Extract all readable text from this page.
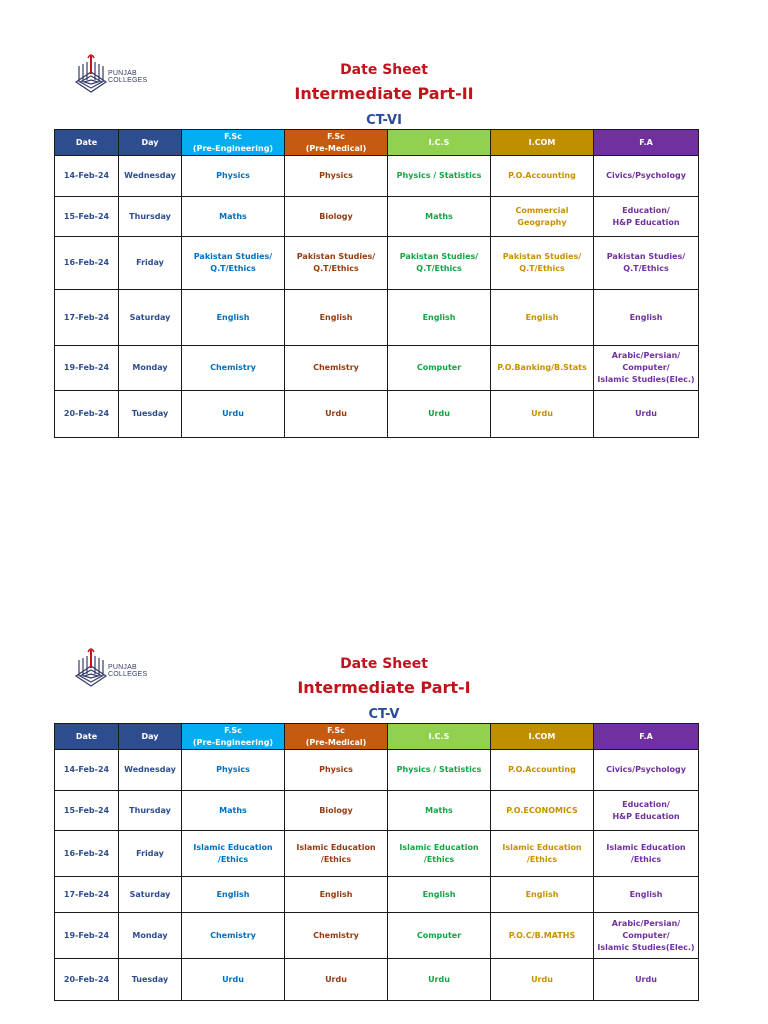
PUNJAB
COLLEGES
Date Sheet
Intermediate Part-II
CT-VI
Date	Day	F.Sc
(Pre-Engineering)	F.Sc
(Pre-Medical)	I.C.S	I.COM	F.A
14-Feb-24	Wednesday	Physics	Physics	Physics / Statistics	P.O.Accounting	Civics/Psychology
15-Feb-24	Thursday	Maths	Biology	Maths	Commercial Geography	Education/
H&P Education
16-Feb-24	Friday	Pakistan Studies/
Q.T/Ethics	Pakistan Studies/
Q.T/Ethics	Pakistan Studies/
Q.T/Ethics	Pakistan Studies/
Q.T/Ethics	Pakistan Studies/
Q.T/Ethics
17-Feb-24	Saturday	English	English	English	English	English
19-Feb-24	Monday	Chemistry	Chemistry	Computer	P.O.Banking/B.Stats	Arabic/Persian/
Computer/
Islamic Studies(Elec.)
20-Feb-24	Tuesday	Urdu	Urdu	Urdu	Urdu	Urdu
PUNJAB
COLLEGES
Date Sheet
Intermediate Part-I
CT-V
Date	Day	F.Sc
(Pre-Engineering)	F.Sc
(Pre-Medical)	I.C.S	I.COM	F.A
14-Feb-24	Wednesday	Physics	Physics	Physics / Statistics	P.O.Accounting	Civics/Psychology
15-Feb-24	Thursday	Maths	Biology	Maths	P.O.ECONOMICS	Education/
H&P Education
16-Feb-24	Friday	Islamic Education
/Ethics	Islamic Education
/Ethics	Islamic Education
/Ethics	Islamic Education
/Ethics	Islamic Education
/Ethics
17-Feb-24	Saturday	English	English	English	English	English
19-Feb-24	Monday	Chemistry	Chemistry	Computer	P.O.C/B.MATHS	Arabic/Persian/
Computer/
Islamic Studies(Elec.)
20-Feb-24	Tuesday	Urdu	Urdu	Urdu	Urdu	Urdu
